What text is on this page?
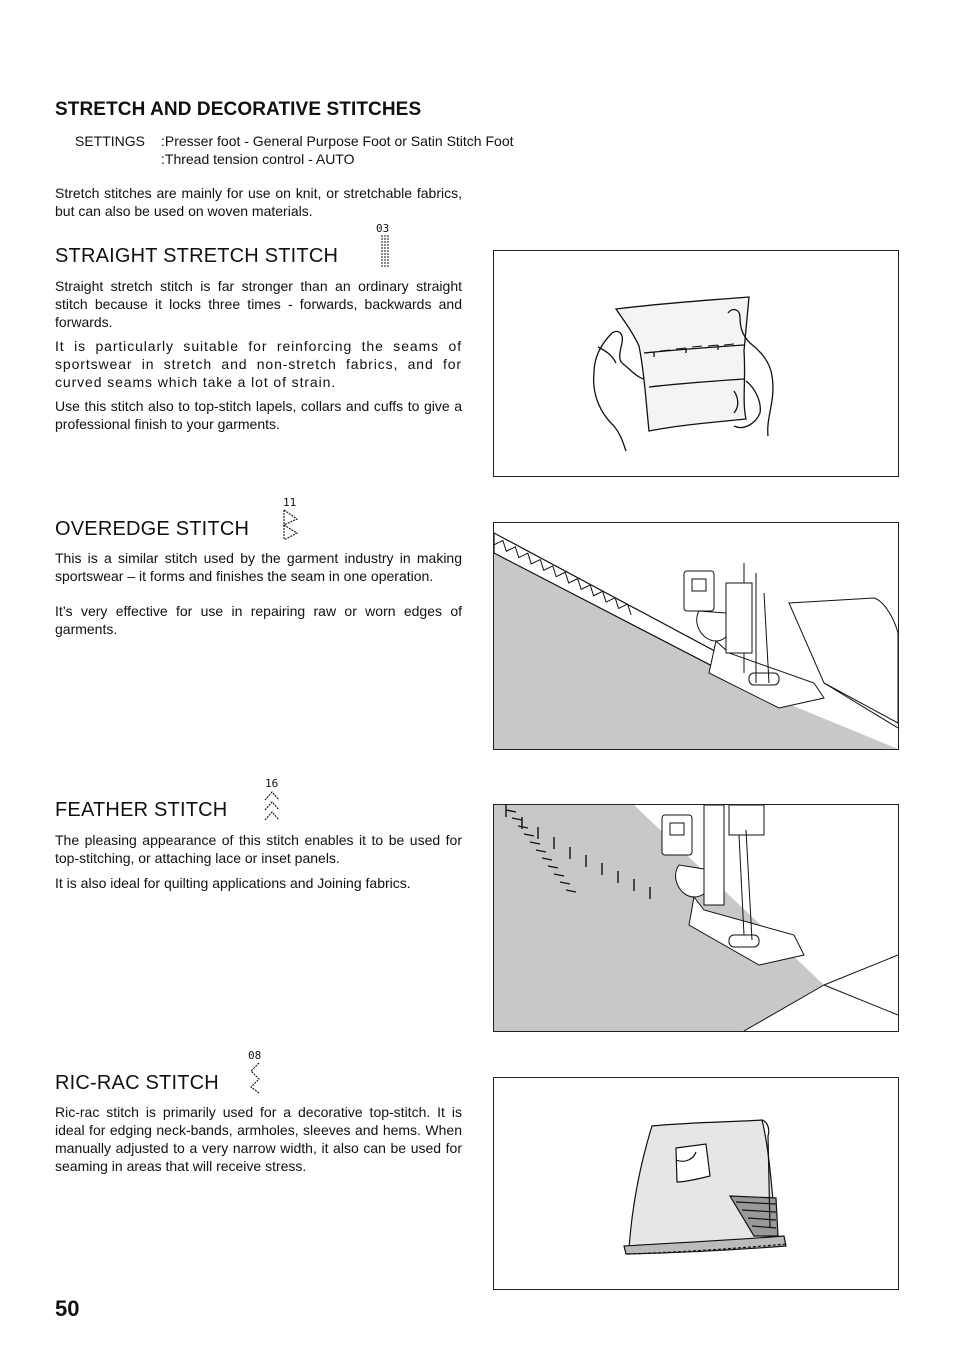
STRETCH AND DECORATIVE STITCHES
SETTINGS :Presser foot - General Purpose Foot or Satin Stitch Foot
:Thread tension control - AUTO

Stretch stitches are mainly for use on knit, or stretchable fabrics, but can also be used on woven materials.

STRAIGHT STRETCH STITCH
03

Straight stretch stitch is far stronger than an ordinary straight stitch because it locks three times - forwards, backwards and forwards.

It is particularly suitable for reinforcing the seams of sportswear in stretch and non-stretch fabrics, and for curved seams which take a lot of strain.

Use this stitch also to top-stitch lapels, collars and cuffs to give a professional finish to your garments.

OVEREDGE STITCH
11

This is a similar stitch used by the garment industry in making sportswear – it forms and finishes the seam in one operation.

It’s very effective for use in repairing raw or worn edges of garments.

FEATHER STITCH
16

The pleasing appearance of this stitch enables it to be used for top-stitching, or attaching lace or inset panels.

It is also ideal for quilting applications and Joining fabrics.

RIC-RAC STITCH
08

Ric-rac stitch is primarily used for a decorative top-stitch. It is ideal for edging neck-bands, armholes, sleeves and hems. When manually adjusted to a very narrow width, it also can be used for seaming in areas that will receive stress.

50
